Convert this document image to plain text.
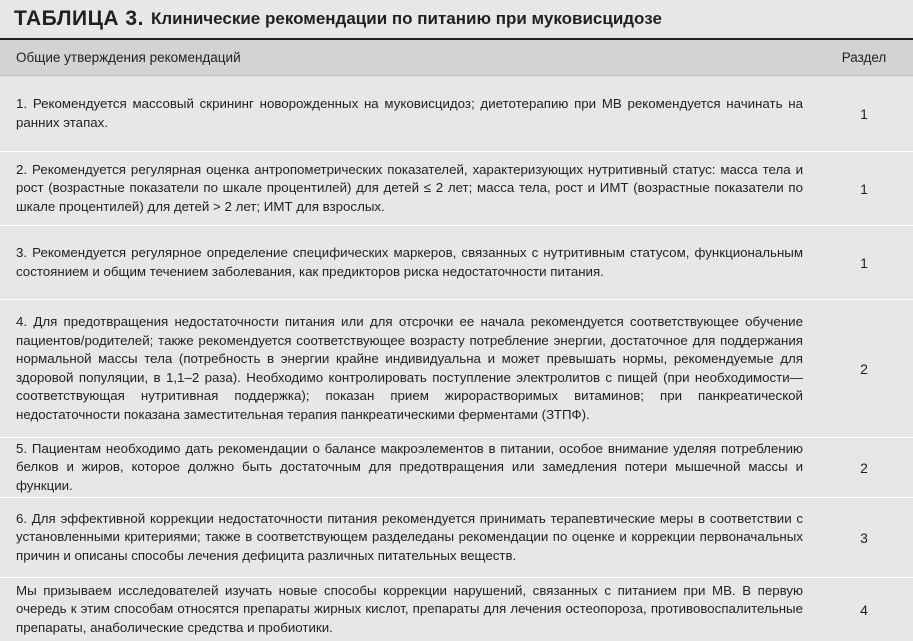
ТАБЛИЦА 3. Клинические рекомендации по питанию при муковисцидозе
Общие утверждения рекомендаций	Раздел
1. Рекомендуется массовый скрининг новорожденных на муковисцидоз; диетотерапию при МВ рекомендуется начинать на ранних этапах.
1
2. Рекомендуется регулярная оценка антропометрических показателей, характеризующих нутритивный статус: масса тела и рост (возрастные показатели по шкале процентилей) для детей ≤ 2 лет; масса тела, рост и ИМТ (возрастные показатели по шкале процентилей) для детей > 2 лет; ИМТ для взрослых.
1
3. Рекомендуется регулярное определение специфических маркеров, связанных с нутритивным статусом, функциональным состоянием и общим течением заболевания, как предикторов риска недостаточности питания.
1
4. Для предотвращения недостаточности питания или для отсрочки ее начала рекомендуется соответствующее обучение пациентов/родителей; также рекомендуется соответствующее возрасту потребление энергии, достаточное для поддержания нормальной массы тела (потребность в энергии крайне индивидуальна и может превышать нормы, рекомендуемые для здоровой популяции, в 1,1–2 раза). Необходимо контролировать поступление электролитов с пищей (при необходимости— соответствующая нутритивная поддержка); показан прием жирорастворимых витаминов; при панкреатической недостаточности показана заместительная терапия панкреатическими ферментами (ЗТПФ).
2
5. Пациентам необходимо дать рекомендации о балансе макроэлементов в питании, особое внимание уделяя потреблению белков и жиров, которое должно быть достаточным для предотвращения или замедления потери мышечной массы и функции.
2
6. Для эффективной коррекции недостаточности питания рекомендуется принимать терапевтические меры в соответствии с установленными критериями; также в соответствующем разделеданы рекомендации по оценке и коррекции первоначальных причин и описаны способы лечения дефицита различных питательных веществ.
3
Мы призываем исследователей изучать новые способы коррекции нарушений, связанных с питанием при МВ. В первую очередь к этим способам относятся препараты жирных кислот, препараты для лечения остеопороза, противовоспалительные препараты, анаболические средства и пробиотики.
4
